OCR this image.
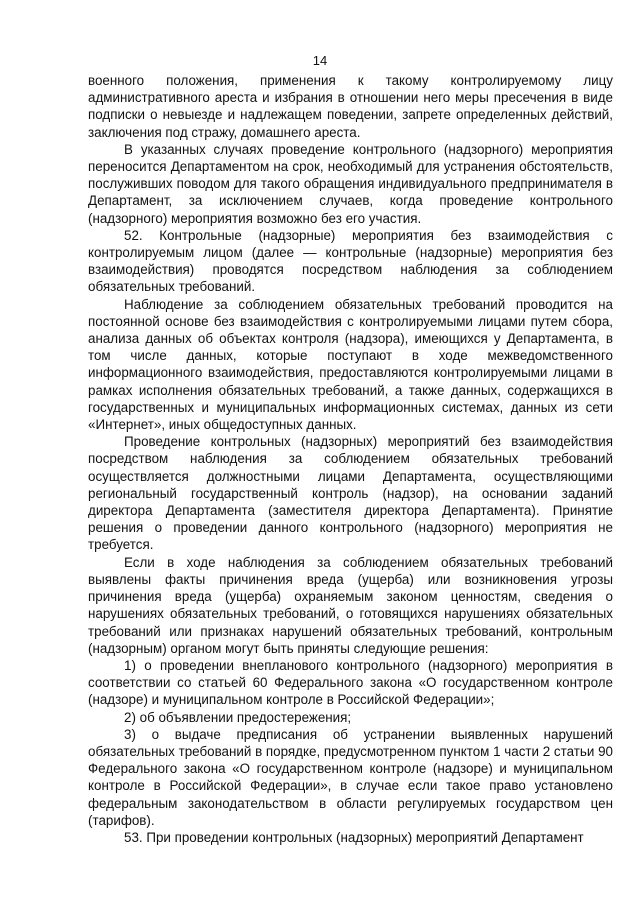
14

военного положения, применения к такому контролируемому лицу административного ареста и избрания в отношении него меры пресечения в виде подписки о невыезде и надлежащем поведении, запрете определенных действий, заключения под стражу, домашнего ареста.

В указанных случаях проведение контрольного (надзорного) мероприятия переносится Департаментом на срок, необходимый для устранения обстоятельств, послуживших поводом для такого обращения индивидуального предпринимателя в Департамент, за исключением случаев, когда проведение контрольного (надзорного) мероприятия возможно без его участия.

52. Контрольные (надзорные) мероприятия без взаимодействия с контролируемым лицом (далее — контрольные (надзорные) мероприятия без взаимодействия) проводятся посредством наблюдения за соблюдением обязательных требований.

Наблюдение за соблюдением обязательных требований проводится на постоянной основе без взаимодействия с контролируемыми лицами путем сбора, анализа данных об объектах контроля (надзора), имеющихся у Департамента, в том числе данных, которые поступают в ходе межведомственного информационного взаимодействия, предоставляются контролируемыми лицами в рамках исполнения обязательных требований, а также данных, содержащихся в государственных и муниципальных информационных системах, данных из сети «Интернет», иных общедоступных данных.

Проведение контрольных (надзорных) мероприятий без взаимодействия посредством наблюдения за соблюдением обязательных требований осуществляется должностными лицами Департамента, осуществляющими региональный государственный контроль (надзор), на основании заданий директора Департамента (заместителя директора Департамента). Принятие решения о проведении данного контрольного (надзорного) мероприятия не требуется.

Если в ходе наблюдения за соблюдением обязательных требований выявлены факты причинения вреда (ущерба) или возникновения угрозы причинения вреда (ущерба) охраняемым законом ценностям, сведения о нарушениях обязательных требований, о готовящихся нарушениях обязательных требований или признаках нарушений обязательных требований, контрольным (надзорным) органом могут быть приняты следующие решения:

1) о проведении внепланового контрольного (надзорного) мероприятия в соответствии со статьей 60 Федерального закона «О государственном контроле (надзоре) и муниципальном контроле в Российской Федерации»;

2) об объявлении предостережения;

3) о выдаче предписания об устранении выявленных нарушений обязательных требований в порядке, предусмотренном пунктом 1 части 2 статьи 90 Федерального закона «О государственном контроле (надзоре) и муниципальном контроле в Российской Федерации», в случае если такое право установлено федеральным законодательством в области регулируемых государством цен (тарифов).

53. При проведении контрольных (надзорных) мероприятий Департамент
